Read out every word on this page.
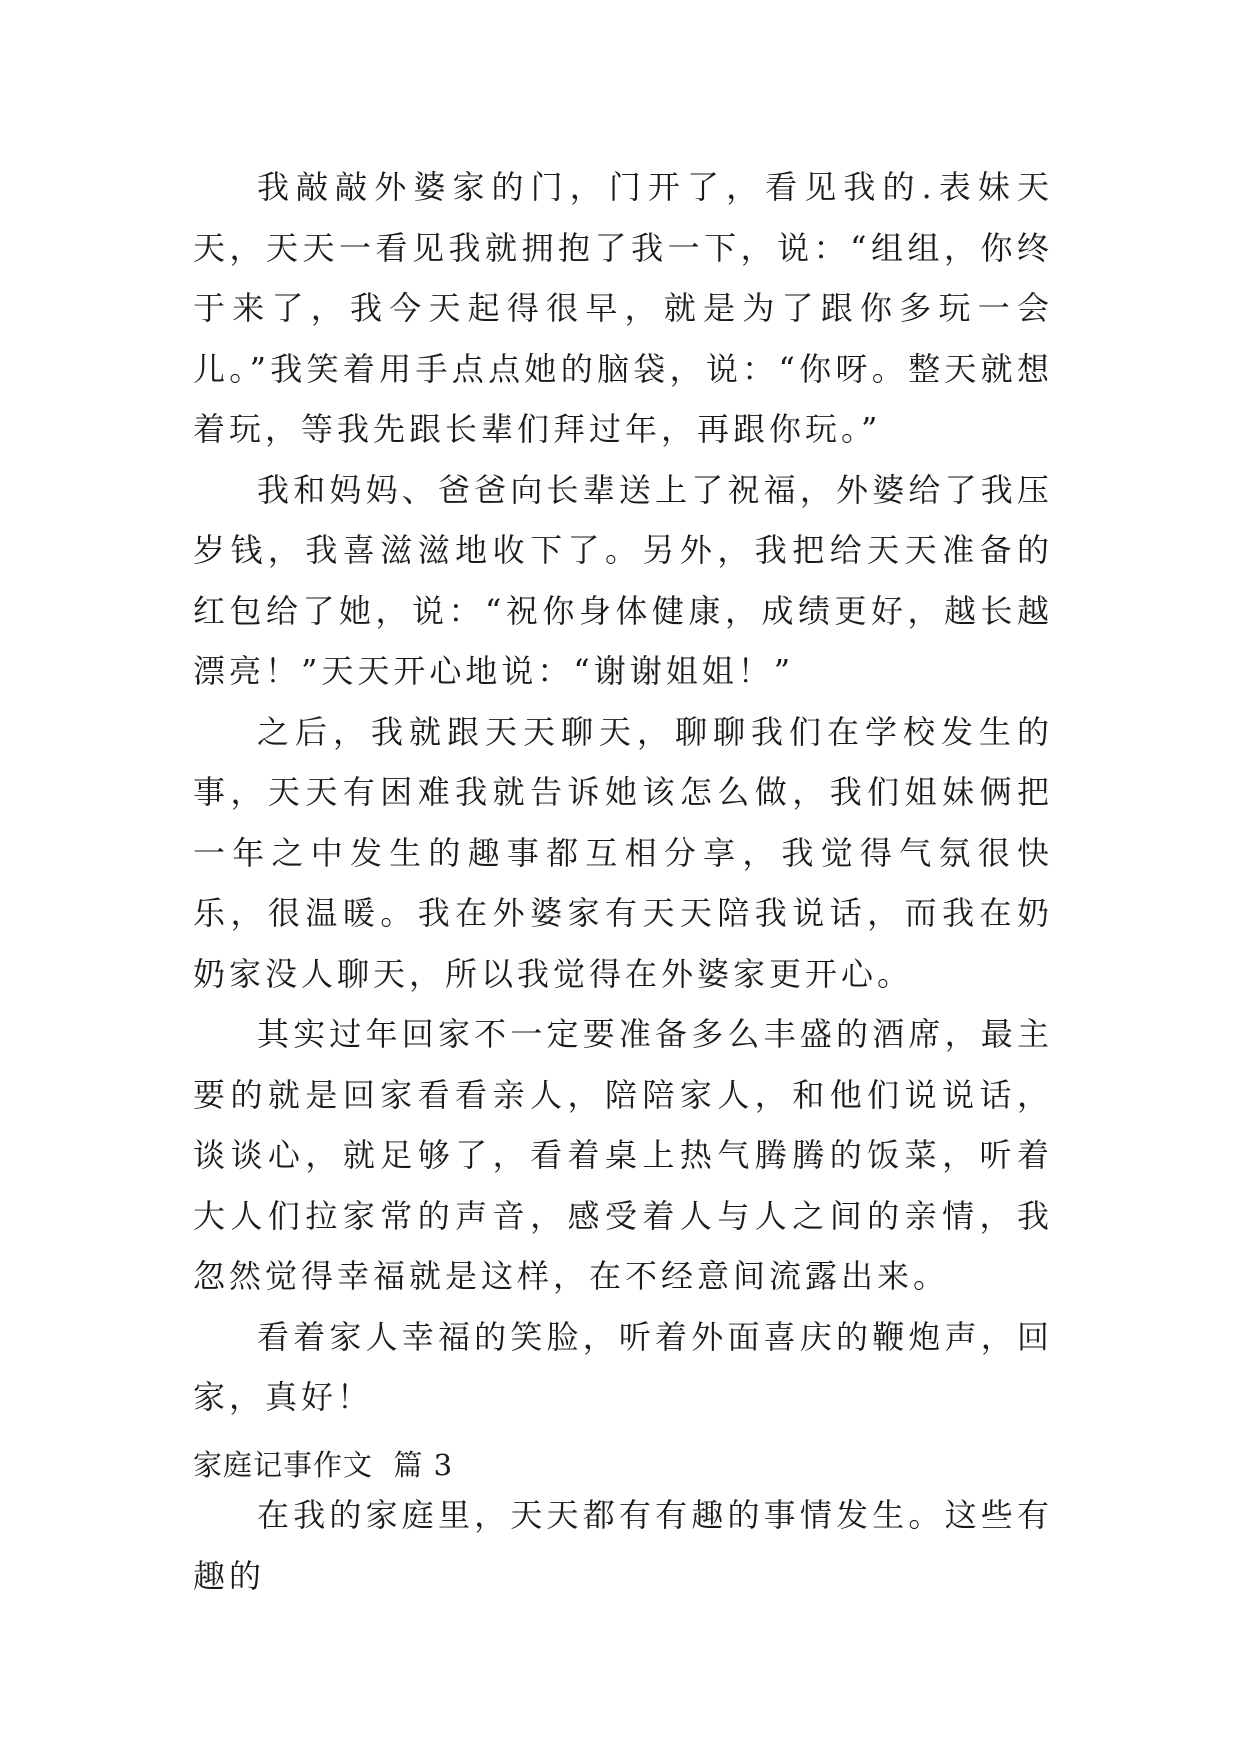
我敲敲外婆家的门，门开了，看见我的.表妹天天，天天一看见我就拥抱了我一下，说：“组组，你终于来了，我今天起得很早，就是为了跟你多玩一会儿。”我笑着用手点点她的脑袋，说：“你呀。整天就想着玩，等我先跟长辈们拜过年，再跟你玩。”

我和妈妈、爸爸向长辈送上了祝福，外婆给了我压岁钱，我喜滋滋地收下了。另外，我把给天天准备的红包给了她，说：“祝你身体健康，成绩更好，越长越漂亮！”天天开心地说：“谢谢姐姐！”

之后，我就跟天天聊天，聊聊我们在学校发生的事，天天有困难我就告诉她该怎么做，我们姐妹俩把一年之中发生的趣事都互相分享，我觉得气氛很快乐，很温暖。我在外婆家有天天陪我说话，而我在奶奶家没人聊天，所以我觉得在外婆家更开心。

其实过年回家不一定要准备多么丰盛的酒席，最主要的就是回家看看亲人，陪陪家人，和他们说说话，谈谈心，就足够了，看着桌上热气腾腾的饭菜，听着大人们拉家常的声音，感受着人与人之间的亲情，我忽然觉得幸福就是这样，在不经意间流露出来。

看着家人幸福的笑脸，听着外面喜庆的鞭炮声，回家，真好！

家庭记事作文  篇 3

在我的家庭里，天天都有有趣的事情发生。这些有趣的
